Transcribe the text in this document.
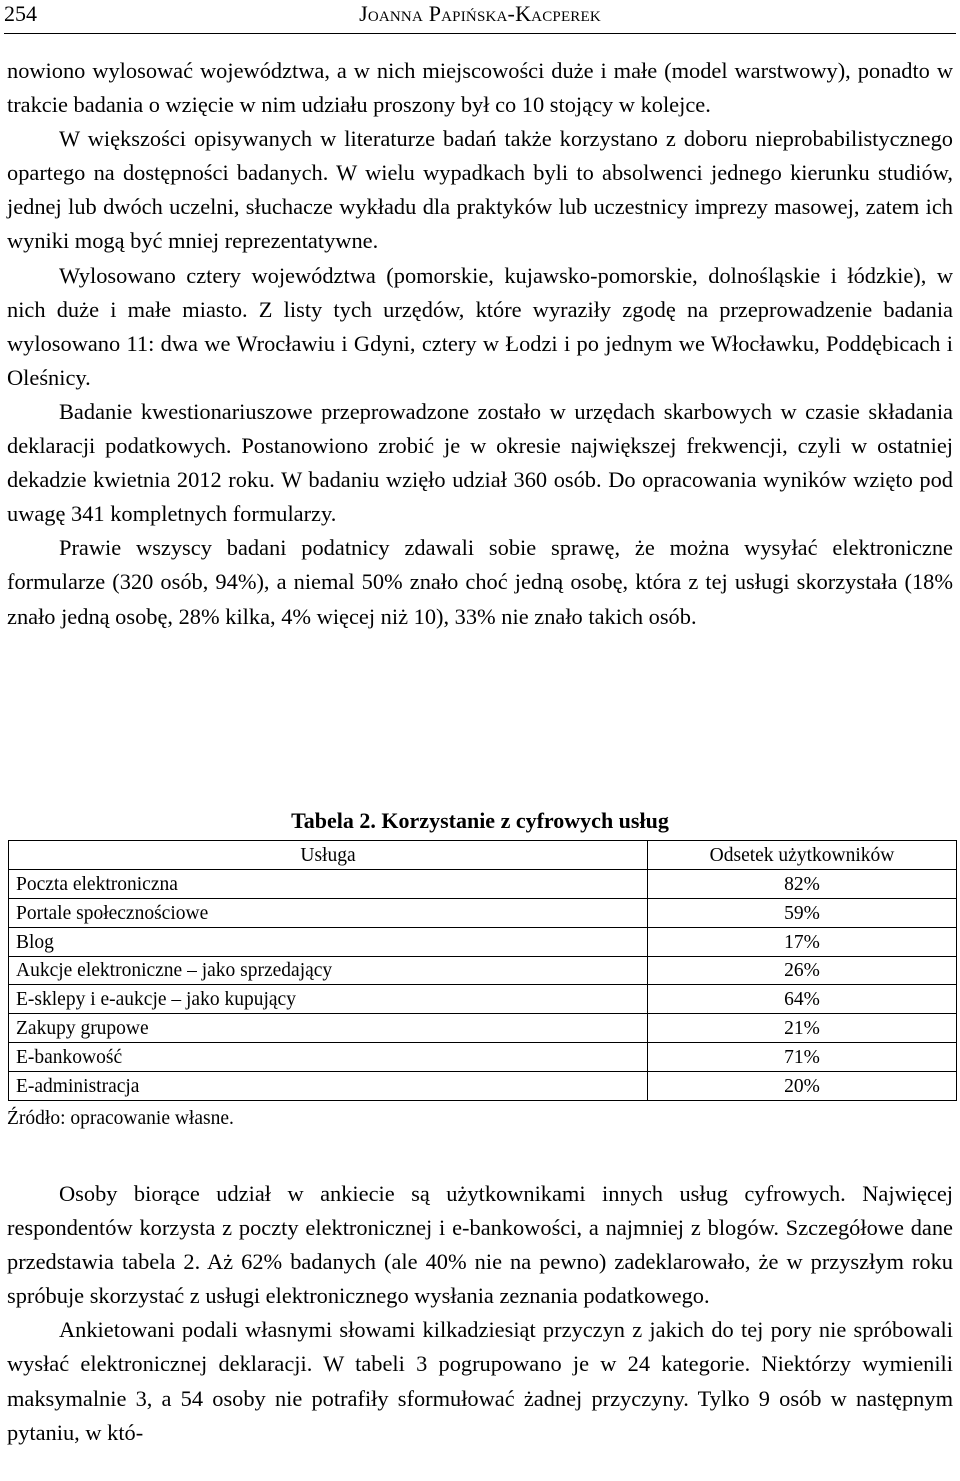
254	Joanna Papińska-Kacperek

nowiono wylosować województwa, a w nich miejscowości duże i małe (model warstwowy), ponadto w trakcie badania o wzięcie w nim udziału proszony był co 10 stojący w kolejce.

W większości opisywanych w literaturze badań także korzystano z doboru nieprobabilistycznego opartego na dostępności badanych. W wielu wypadkach byli to absolwenci jednego kierunku studiów, jednej lub dwóch uczelni, słuchacze wykładu dla praktyków lub uczestnicy imprezy masowej, zatem ich wyniki mogą być mniej reprezentatywne.

Wylosowano cztery województwa (pomorskie, kujawsko-pomorskie, dolnośląskie i łódzkie), w nich duże i małe miasto. Z listy tych urzędów, które wyraziły zgodę na przeprowadzenie badania wylosowano 11: dwa we Wrocławiu i Gdyni, cztery w Łodzi i po jednym we Włocławku, Poddębicach i Oleśnicy.

Badanie kwestionariuszowe przeprowadzone zostało w urzędach skarbowych w czasie składania deklaracji podatkowych. Postanowiono zrobić je w okresie największej frekwencji, czyli w ostatniej dekadzie kwietnia 2012 roku. W badaniu wzięło udział 360 osób. Do opracowania wyników wzięto pod uwagę 341 kompletnych formularzy.

Prawie wszyscy badani podatnicy zdawali sobie sprawę, że można wysyłać elektroniczne formularze (320 osób, 94%), a niemal 50% znało choć jedną osobę, która z tej usługi skorzystała (18% znało jedną osobę, 28% kilka, 4% więcej niż 10), 33% nie znało takich osób.

Tabela 2. Korzystanie z cyfrowych usług
Usługa	Odsetek użytkowników
Poczta elektroniczna	82%
Portale społecznościowe	59%
Blog	17%
Aukcje elektroniczne – jako sprzedający	26%
E-sklepy i e-aukcje – jako kupujący	64%
Zakupy grupowe	21%
E-bankowość	71%
E-administracja	20%
Źródło: opracowanie własne.

Osoby biorące udział w ankiecie są użytkownikami innych usług cyfrowych. Najwięcej respondentów korzysta z poczty elektronicznej i e-bankowości, a najmniej z blogów. Szczegółowe dane przedstawia tabela 2. Aż 62% badanych (ale 40% nie na pewno) zadeklarowało, że w przyszłym roku spróbuje skorzystać z usługi elektronicznego wysłania zeznania podatkowego.

Ankietowani podali własnymi słowami kilkadziesiąt przyczyn z jakich do tej pory nie spróbowali wysłać elektronicznej deklaracji. W tabeli 3 pogrupowano je w 24 kategorie. Niektórzy wymienili maksymalnie 3, a 54 osoby nie potrafiły sformułować żadnej przyczyny. Tylko 9 osób w następnym pytaniu, w któ-
